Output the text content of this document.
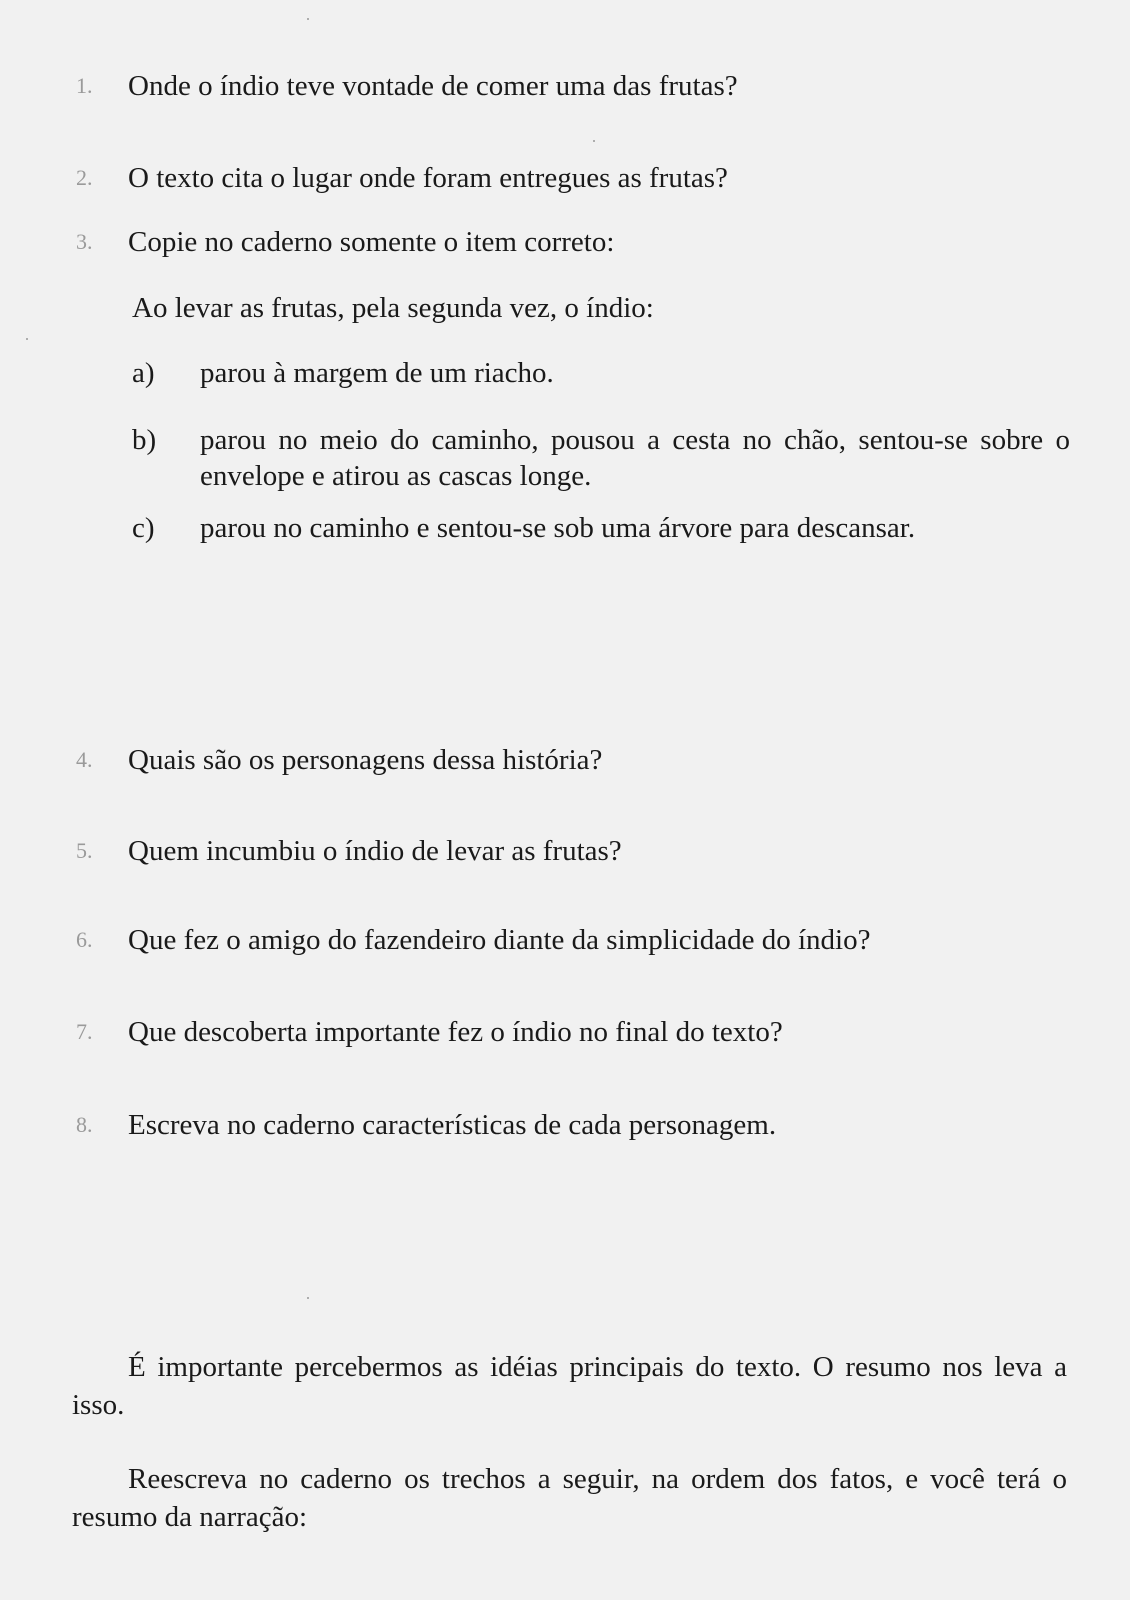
1. Onde o índio teve vontade de comer uma das frutas?
2. O texto cita o lugar onde foram entregues as frutas?
3. Copie no caderno somente o item correto:
Ao levar as frutas, pela segunda vez, o índio:
a) parou à margem de um riacho.
b) parou no meio do caminho, pousou a cesta no chão, sentou-se sobre o envelope e atirou as cascas longe.
c) parou no caminho e sentou-se sob uma árvore para descansar.
4. Quais são os personagens dessa história?
5. Quem incumbiu o índio de levar as frutas?
6. Que fez o amigo do fazendeiro diante da simplicidade do índio?
7. Que descoberta importante fez o índio no final do texto?
8. Escreva no caderno características de cada personagem.
É importante percebermos as idéias principais do texto. O resumo nos leva a isso.
Reescreva no caderno os trechos a seguir, na ordem dos fatos, e você terá o resumo da narração:
